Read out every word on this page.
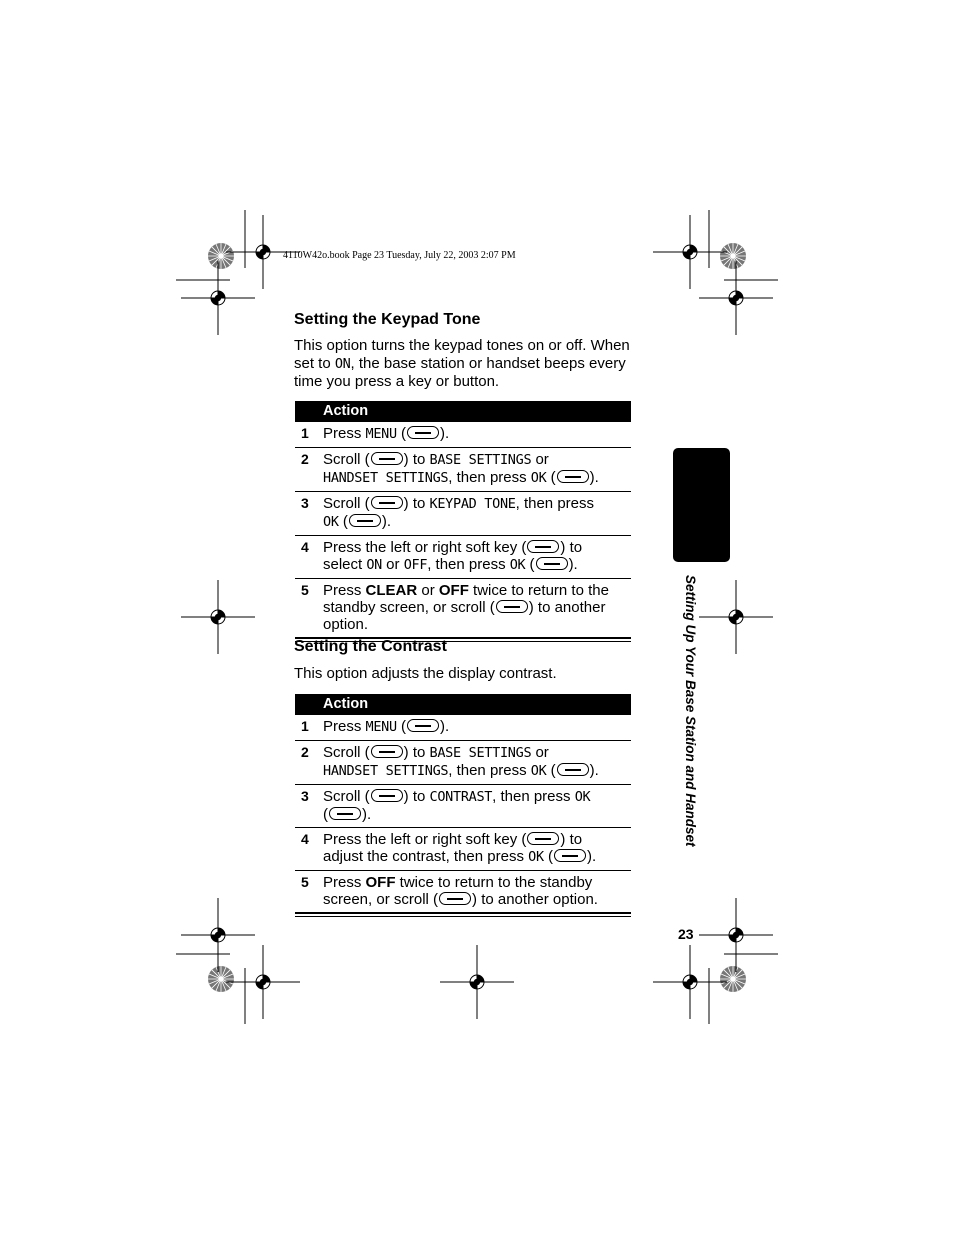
4110W42o.book Page 23 Tuesday, July 22, 2003 2:07 PM
Setting the Keypad Tone
This option turns the keypad tones on or off. When
set to ON, the base station or handset beeps every
time you press a key or button.
Action
1 Press MENU ( ).
2 Scroll ( ) to BASE SETTINGS or
HANDSET SETTINGS, then press OK ( ).
3 Scroll ( ) to KEYPAD TONE, then press
OK ( ).
4 Press the left or right soft key ( ) to
select ON or OFF, then press OK ( ).
5 Press CLEAR or OFF twice to return to the
standby screen, or scroll ( ) to another
option.
Setting the Contrast
This option adjusts the display contrast.
Action
1 Press MENU ( ).
2 Scroll ( ) to BASE SETTINGS or
HANDSET SETTINGS, then press OK ( ).
3 Scroll ( ) to CONTRAST, then press OK
( ).
4 Press the left or right soft key ( ) to
adjust the contrast, then press OK ( ).
5 Press OFF twice to return to the standby
screen, or scroll ( ) to another option.
Setting Up Your Base Station and Handset
23
